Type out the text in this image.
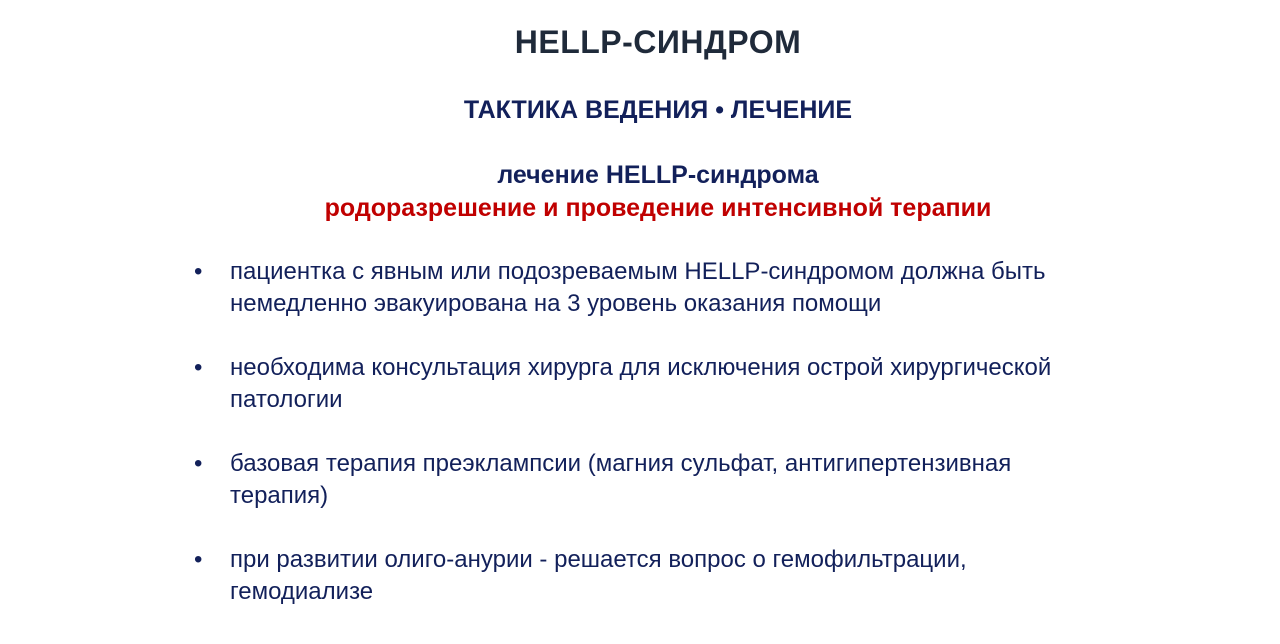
HELLP-СИНДРОМ
ТАКТИКА ВЕДЕНИЯ • ЛЕЧЕНИЕ
лечение HELLP-синдрома
родоразрешение и проведение интенсивной терапии
• пациентка с явным или подозреваемым HELLP-синдромом должна быть немедленно эвакуирована на 3 уровень оказания помощи
• необходима консультация хирурга для исключения острой хирургической патологии
• базовая терапия преэклампсии (магния сульфат, антигипертензивная терапия)
• при развитии олиго-анурии - решается вопрос о гемофильтрации, гемодиализе
